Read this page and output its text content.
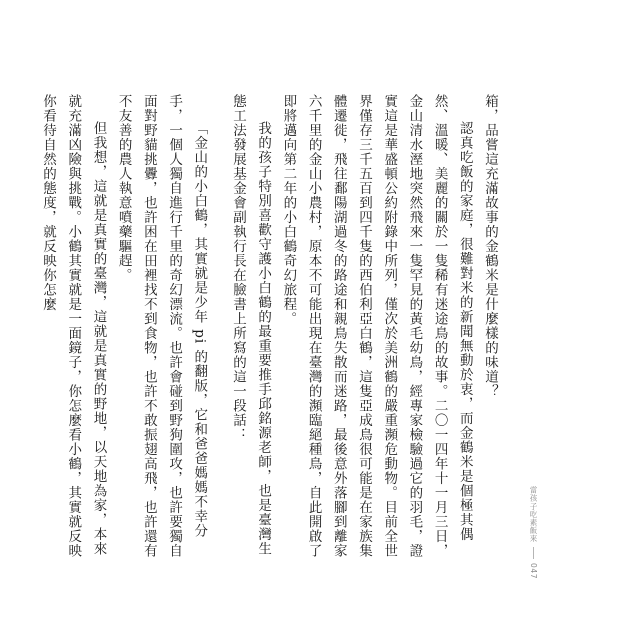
箱，品嘗這充滿故事的金鶴米是什麼樣的味道？

認真吃飯的家庭，很難對米的新聞無動於衷，而金鶴米是個極其偶然、溫暖、美麗的關於一隻稀有迷途鳥的故事。二〇一四年十一月三日，金山清水溼地突然飛來一隻罕見的黃毛幼鳥，經專家檢驗過它的羽毛，證實這是華盛頓公約附錄中所列，僅次於美洲鶴的嚴重瀕危動物。目前全世界僅存三千五百到四千隻的西伯利亞白鶴，這隻亞成鳥很可能是在家族集體遷徙，飛往鄱陽湖過冬的路途和親鳥失散而迷路，最後意外落腳到離家六千里的金山小農村，原本不可能出現在臺灣的瀕臨絕種鳥，自此開啟了即將邁向第二年的小白鶴奇幻旅程。

我的孩子特別喜歡守護小白鶴的最重要推手邱銘源老師，也是臺灣生態工法發展基金會副執行長在臉書上所寫的這一段話：

「金山的小白鶴，其實就是少年 pi 的翻版，它和爸爸媽媽不幸分手，一個人獨自進行千里的奇幻漂流。也許會碰到野狗圍攻，也許要獨自面對野貓挑釁，也許困在田裡找不到食物，也許不敢振翅高飛，也許還有不友善的農人執意噴藥驅趕。

但我想，這就是真實的臺灣，這就是真實的野地，以天地為家，本來就充滿凶險與挑戰。小鶴其實就是一面鏡子，你怎麼看小鶴，其實就反映你看待自然的態度，就反映你怎麼

當孩子吃素飯來
047
